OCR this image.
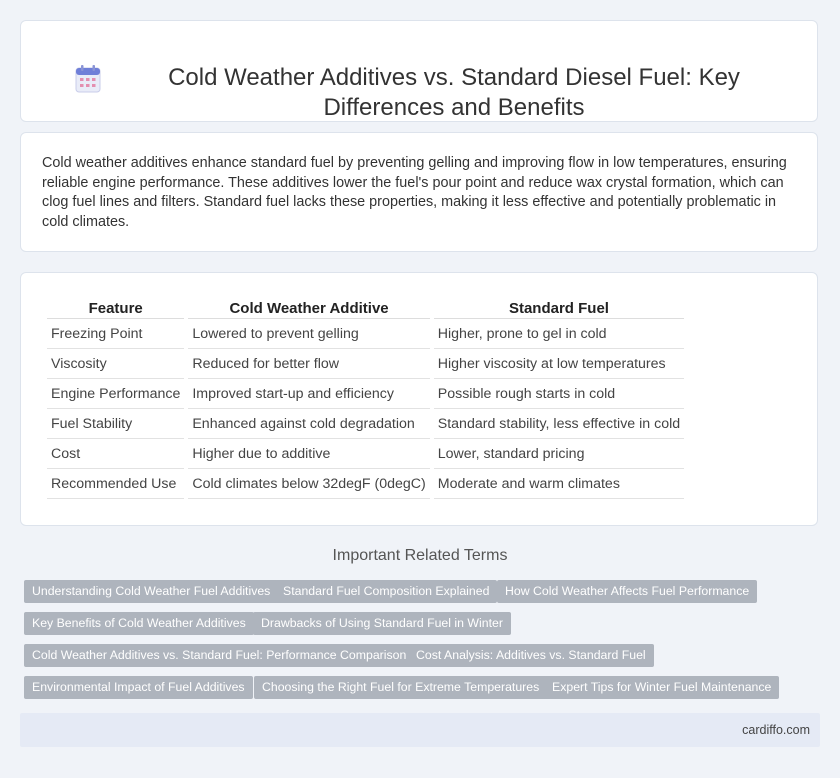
Cold Weather Additives vs. Standard Diesel Fuel: Key Differences and Benefits

Cold weather additives enhance standard fuel by preventing gelling and improving flow in low temperatures, ensuring reliable engine performance. These additives lower the fuel's pour point and reduce wax crystal formation, which can clog fuel lines and filters. Standard fuel lacks these properties, making it less effective and potentially problematic in cold climates.

Feature	Cold Weather Additive	Standard Fuel
Freezing Point	Lowered to prevent gelling	Higher, prone to gel in cold
Viscosity	Reduced for better flow	Higher viscosity at low temperatures
Engine Performance	Improved start-up and efficiency	Possible rough starts in cold
Fuel Stability	Enhanced against cold degradation	Standard stability, less effective in cold
Cost	Higher due to additive	Lower, standard pricing
Recommended Use	Cold climates below 32degF (0degC)	Moderate and warm climates
Important Related Terms
Understanding Cold Weather Fuel Additives	Standard Fuel Composition Explained	How Cold Weather Affects Fuel Performance
Key Benefits of Cold Weather Additives	Drawbacks of Using Standard Fuel in Winter
Cold Weather Additives vs. Standard Fuel: Performance Comparison Cost Analysis: Additives vs. Standard Fuel
Environmental Impact of Fuel Additives	Choosing the Right Fuel for Extreme Temperatures	Expert Tips for Winter Fuel Maintenance
cardiffo.com
